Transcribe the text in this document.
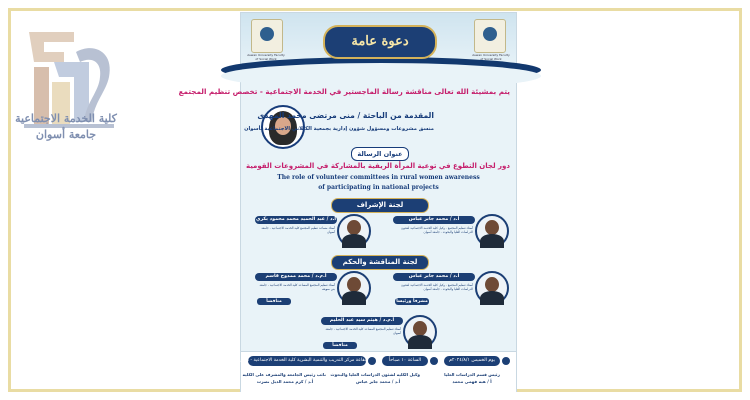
كلية الخدمة الاجتماعية
جامعة أسوان
Aswan University Faculty of Social Work
Aswan University Faculty of Social Work
دعوة عامة
يتم بمشيئة الله تعالى مناقشة رسالة الماجستير في الخدمة الاجتماعية - تخصص تنظيم المجتمع
المقدمة من الباحثة / منى مرتضى محمد المهدى
منسق مشروعات ومسؤول شؤون إدارية بجمعية الكيلاني الاجتماعية بأسوان
عنوان الرسالة
دور لجان التطوع في توعية المرأة الريفية بالمشاركة في المشروعات القومية
The role of volunteer committees in rural women awareness
of participating in national projects
لجنة الإشراف
أ.د / محمد جابر عباس
أستاذ تنظيم المجتمع - وكيل كلية الخدمة الاجتماعية لشئون الدراسات العليا والبحوث - جامعة أسوان
أ.د / عبد الحميد محمد محمود بكري
أستاذ مساعد تنظيم المجتمع كلية الخدمة الاجتماعية - جامعة أسوان
لجنة المناقشة والحكم
أ.د / محمد جابر عباس
أستاذ تنظيم المجتمع - وكيل كلية الخدمة الاجتماعية لشئون الدراسات العليا والبحوث - جامعة أسوان
مشرفاً ورئيساً
أ.م.د / محمد ممدوح قاسم
أستاذ تنظيم المجتمع المساعد كلية الخدمة الاجتماعية - جامعة بني سويف
مناقشاً
أ.م.د / هيثم سيد عبد الحليم
أستاذ تنظيم المجتمع المساعد كلية الخدمة الاجتماعية - جامعة أسوان
مناقشاً
يوم الخميس ٢٠٢٤/٨/١م
الساعة ١٠ صباحاً
بقاعة مركز التدريب والتنمية البشرية كلية الخدمة الاجتماعية - الدور الرابع
رئيس قسم الدراسات العليا
أ / هبة فهمي محمد
وكيل الكلية لشئون الدراسات العليا والبحوث
أ.د / محمد جابر عباس
نائب رئيس الجامعة والمشرف على الكلية
أ.د / كرم محمد الدبل نصرت
